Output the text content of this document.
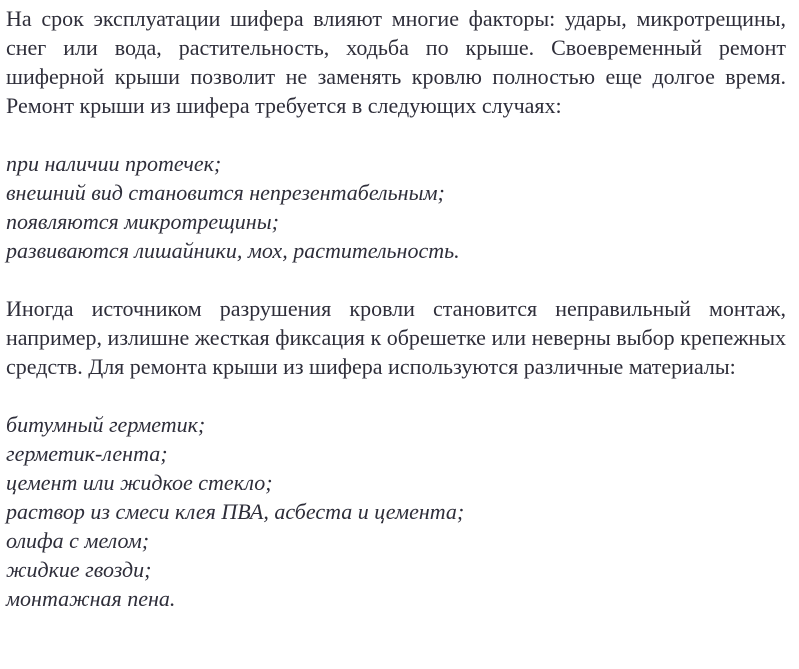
На срок эксплуатации шифера влияют многие факторы: удары, микротрещины, снег или вода, растительность, ходьба по крыше. Своевременный ремонт шиферной крыши позволит не заменять кровлю полностью еще долгое время. Ремонт крыши из шифера требуется в следующих случаях:

при наличии протечек;
внешний вид становится непрезентабельным;
появляются микротрещины;
развиваются лишайники, мох, растительность.

Иногда источником разрушения кровли становится неправильный монтаж, например, излишне жесткая фиксация к обрешетке или неверны выбор крепежных средств. Для ремонта крыши из шифера используются различные материалы:

битумный герметик;
герметик-лента;
цемент или жидкое стекло;
раствор из смеси клея ПВА, асбеста и цемента;
олифа с мелом;
жидкие гвозди;
монтажная пена.
